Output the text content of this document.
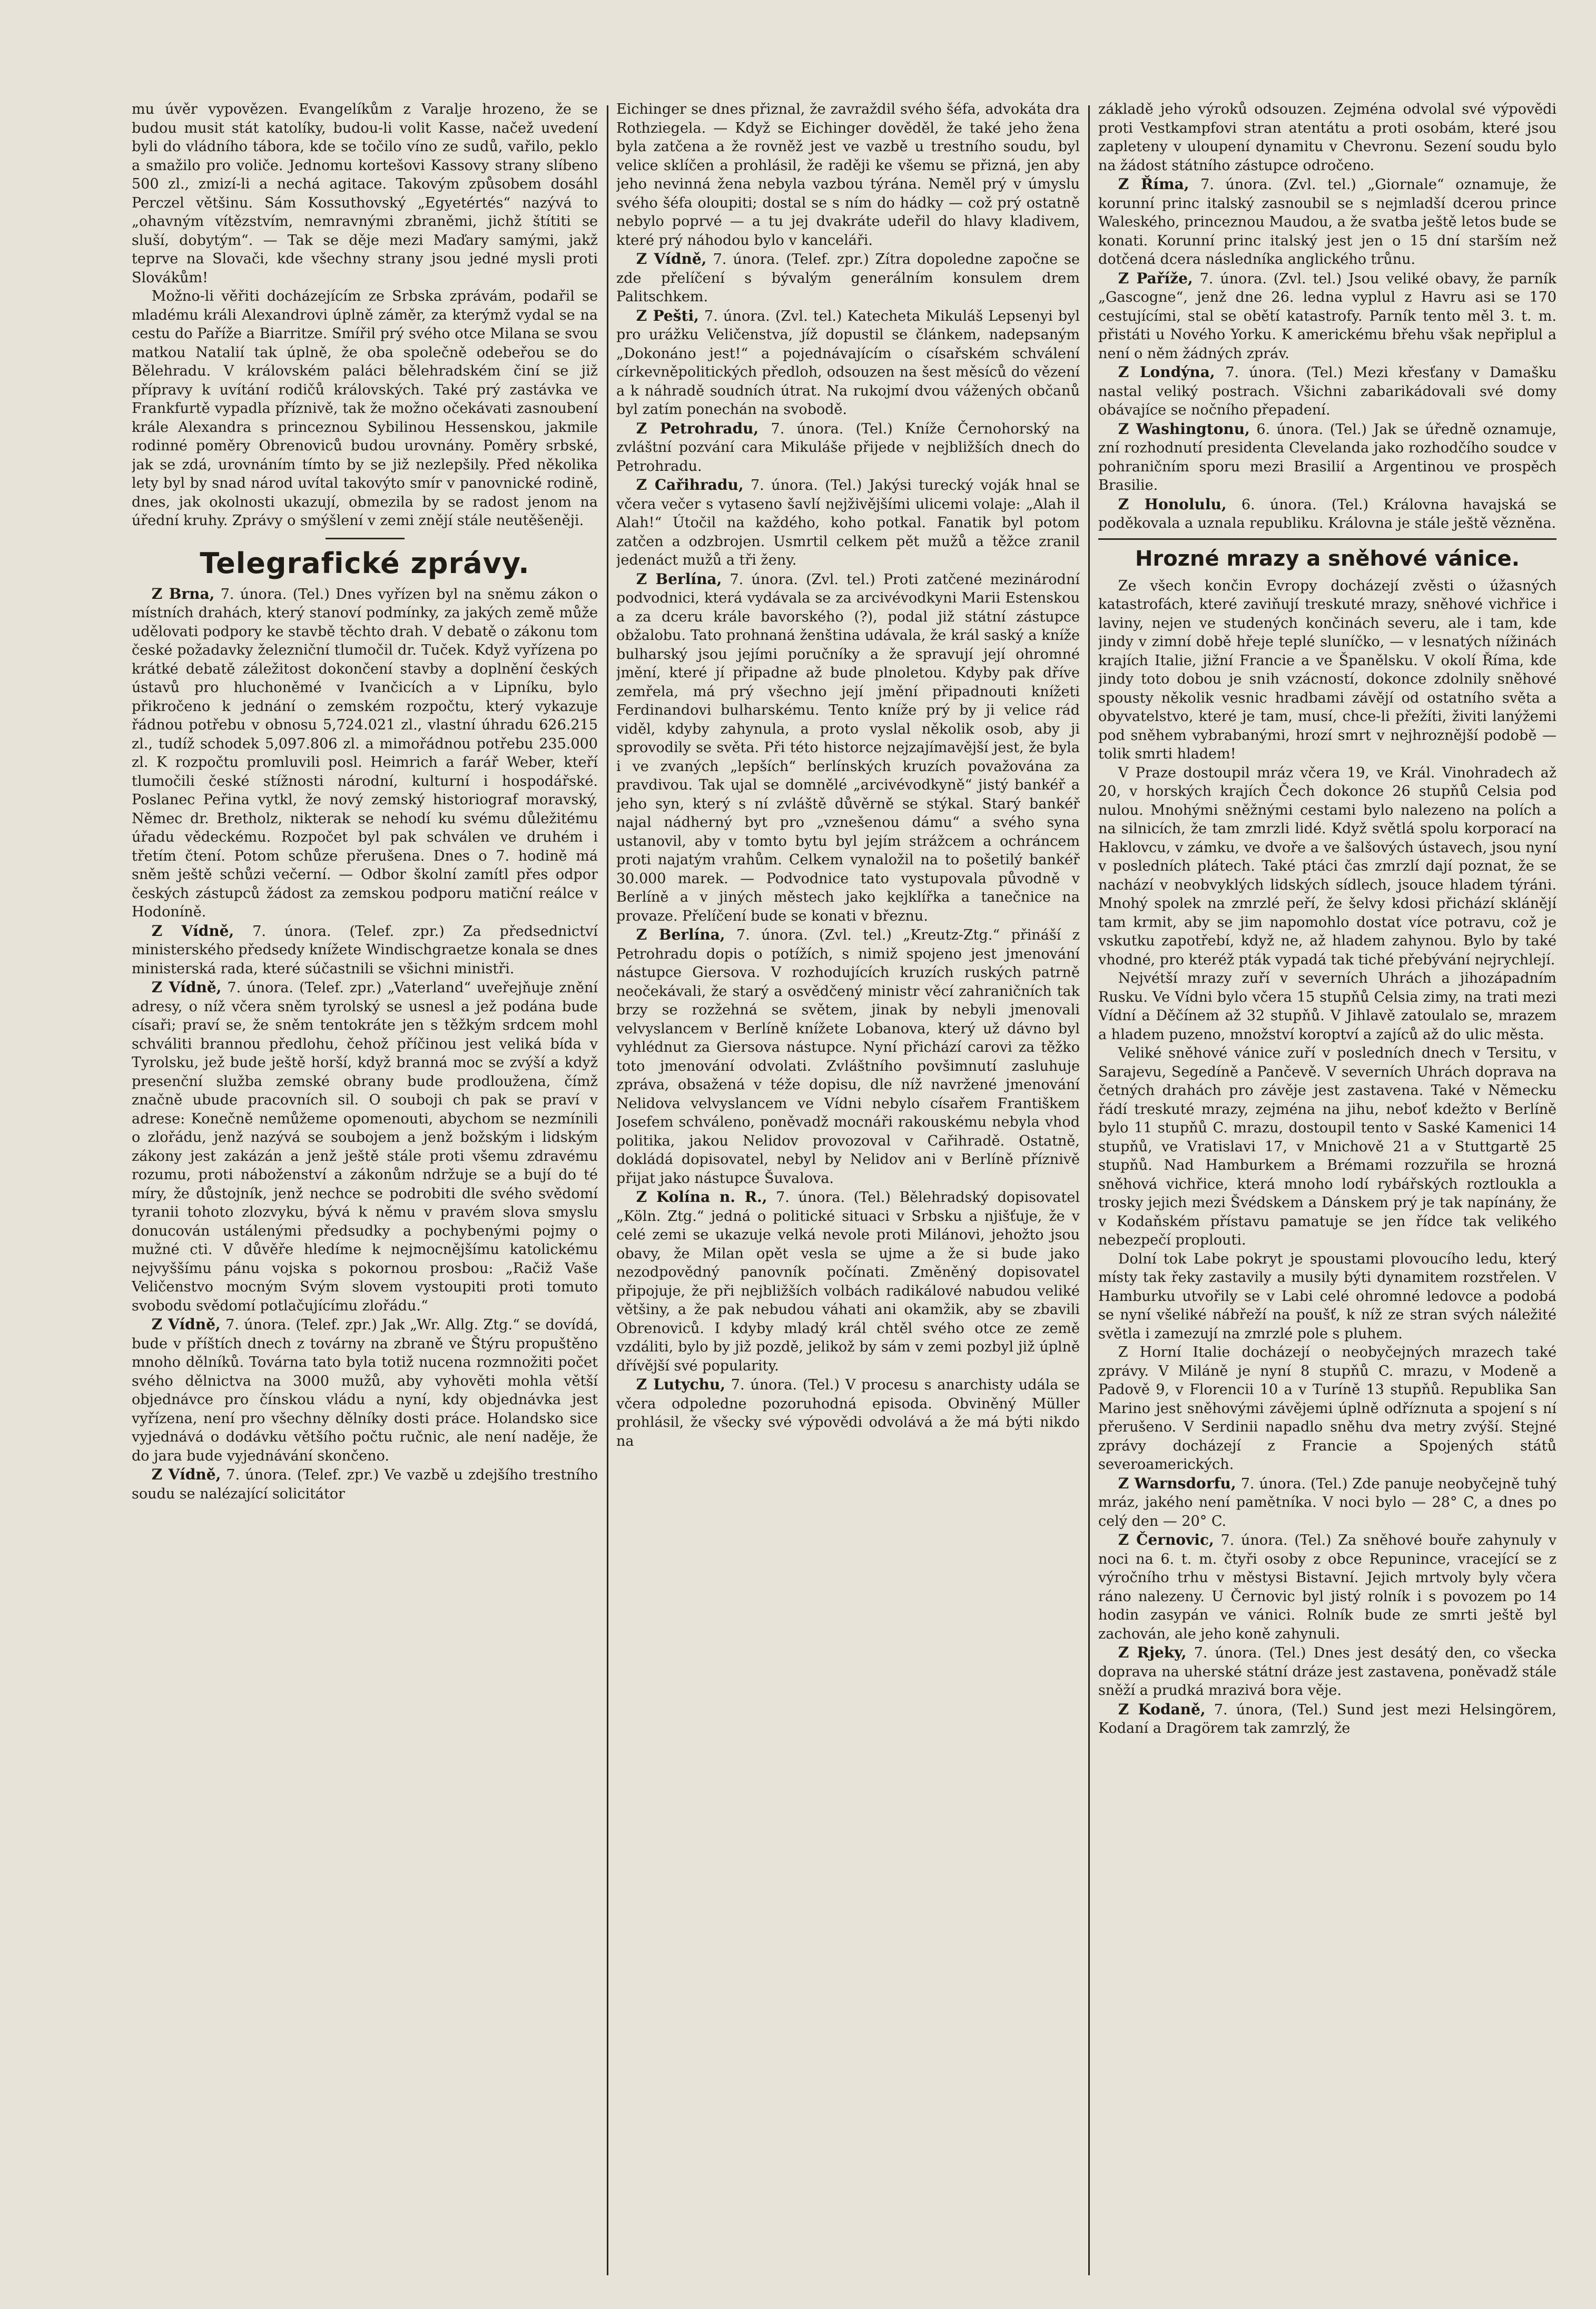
mu úvěr vypovězen. Evangelíkům z Varalje hrozeno, že se budou musit stát katolíky, budou-li volit Kasse, načež uvedení byli do vládního tábora, kde se točilo víno ze sudů, vařilo, peklo a smažilo pro voliče. Jednomu kortešovi Kassovy strany slíbeno 500 zl., zmizí-li a nechá agitace. Takovým způsobem dosáhl Perczel většinu. Sám Kossuthovský „Egyetértés“ nazývá to „ohavným vítězstvím, nemravnými zbraněmi, jichž štítiti se sluší, dobytým“. — Tak se děje mezi Maďary samými, jakž teprve na Slovači, kde všechny strany jsou jedné mysli proti Slovákům!

Možno-li věřiti docházejícím ze Srbska zprávám, podařil se mladému králi Alexandrovi úplně záměr, za kterýmž vydal se na cestu do Paříže a Biarritze. Smířil prý svého otce Milana se svou matkou Natalií tak úplně, že oba společně odebeřou se do Bělehradu. V královském paláci bělehradském činí se již přípravy k uvítání rodičů královských. Také prý zastávka ve Frankfurtě vypadla příznivě, tak že možno očekávati zasnoubení krále Alexandra s princeznou Sybilinou Hessenskou, jakmile rodinné poměry Obrenoviců budou urovnány. Poměry srbské, jak se zdá, urovnáním tímto by se již nezlepšily. Před několika lety byl by snad národ uvítal takovýto smír v panovnické rodině, dnes, jak okolnosti ukazují, obmezila by se radost jenom na úřední kruhy. Zprávy o smýšlení v zemi znějí stále neutěšeněji.

Telegrafické zprávy.

Z Brna, 7. února. (Tel.) Dnes vyřízen byl na sněmu zákon o místních drahách, který stanoví podmínky, za jakých země může udělovati podpory ke stavbě těchto drah. V debatě o zákonu tom české požadavky železniční tlumočil dr. Tuček. Když vyřízena po krátké debatě záležitost dokončení stavby a doplnění českých ústavů pro hluchoněmé v Ivančicích a v Lipníku, bylo přikročeno k jednání o zemském rozpočtu, který vykazuje řádnou potřebu v obnosu 5,724.021 zl., vlastní úhradu 626.215 zl., tudíž schodek 5,097.806 zl. a mimořádnou potřebu 235.000 zl. K rozpočtu promluvili posl. Heimrich a farář Weber, kteří tlumočili české stížnosti národní, kulturní i hospodářské. Poslanec Peřina vytkl, že nový zemský historiograf moravský, Němec dr. Bretholz, nikterak se nehodí ku svému důležitému úřadu vědeckému. Rozpočet byl pak schválen ve druhém i třetím čtení. Potom schůze přerušena. Dnes o 7. hodině má sněm ještě schůzi večerní. — Odbor školní zamítl přes odpor českých zástupců žádost za zemskou podporu matiční reálce v Hodoníně.

Z Vídně, 7. února. (Telef. zpr.) Za předsednictví ministerského předsedy knížete Windischgraetze konala se dnes ministerská rada, které súčastnili se všichni ministři.

Z Vídně, 7. února. (Telef. zpr.) „Vaterland“ uveřejňuje znění adresy, o níž včera sněm tyrolský se usnesl a jež podána bude císaři; praví se, že sněm tentokráte jen s těžkým srdcem mohl schváliti brannou předlohu, čehož příčinou jest veliká bída v Tyrolsku, jež bude ještě horší, když branná moc se zvýší a když presenční služba zemské obrany bude prodloužena, čímž značně ubude pracovních sil. O souboji ch pak se praví v adrese: Konečně nemůžeme opomenouti, abychom se nezmínili o zlořádu, jenž nazývá se soubojem a jenž božským i lidským zákony jest zakázán a jenž ještě stále proti všemu zdravému rozumu, proti náboženství a zákonům ndržuje se a bují do té míry, že důstojník, jenž nechce se podrobiti dle svého svědomí tyranii tohoto zlozvyku, bývá k němu v pravém slova smyslu donucován ustálenými předsudky a pochybenými pojmy o mužné cti. V důvěře hledíme k nejmocnějšímu katolickému nejvyššímu pánu vojska s pokornou prosbou: „Račiž Vaše Veličenstvo mocným Svým slovem vystoupiti proti tomuto svobodu svědomí potlačujícímu zlořádu.“

Z Vídně, 7. února. (Telef. zpr.) Jak „Wr. Allg. Ztg.“ se dovídá, bude v příštích dnech z továrny na zbraně ve Štýru propuštěno mnoho dělníků. Továrna tato byla totiž nucena rozmnožiti počet svého dělnictva na 3000 mužů, aby vyhověti mohla větší objednávce pro čínskou vládu a nyní, kdy objednávka jest vyřízena, není pro všechny dělníky dosti práce. Holandsko sice vyjednává o dodávku většího počtu ručnic, ale není naděje, že do jara bude vyjednávání skončeno.

Z Vídně, 7. února. (Telef. zpr.) Ve vazbě u zdejšího trestního soudu se nalézající solicitátor

Eichinger se dnes přiznal, že zavraždil svého šéfa, advokáta dra Rothziegela. — Když se Eichinger dověděl, že také jeho žena byla zatčena a že rovněž jest ve vazbě u trestního soudu, byl velice sklíčen a prohlásil, že raději ke všemu se přizná, jen aby jeho nevinná žena nebyla vazbou týrána. Neměl prý v úmyslu svého šéfa oloupiti; dostal se s ním do hádky — což prý ostatně nebylo poprvé — a tu jej dvakráte udeřil do hlavy kladivem, které prý náhodou bylo v kanceláři.

Z Vídně, 7. února. (Telef. zpr.) Zítra dopoledne započne se zde přelíčení s bývalým generálním konsulem drem Palitschkem.

Z Pešti, 7. února. (Zvl. tel.) Katecheta Mikuláš Lepsenyi byl pro urážku Veličenstva, jíž dopustil se článkem, nadepsaným „Dokonáno jest!“ a pojednávajícím o císařském schválení církevněpolitických předloh, odsouzen na šest měsíců do vězení a k náhradě soudních útrat. Na rukojmí dvou vážených občanů byl zatím ponechán na svobodě.

Z Petrohradu, 7. února. (Tel.) Kníže Černohorský na zvláštní pozvání cara Mikuláše přijede v nejbližších dnech do Petrohradu.

Z Cařihradu, 7. února. (Tel.) Jakýsi turecký voják hnal se včera večer s vytaseno šavlí nejživějšími ulicemi volaje: „Alah il Alah!“ Útočil na každého, koho potkal. Fanatik byl potom zatčen a odzbrojen. Usmrtil celkem pět mužů a těžce zranil jedenáct mužů a tři ženy.

Z Berlína, 7. února. (Zvl. tel.) Proti zatčené mezinárodní podvodnici, která vydávala se za arcivévodkyni Marii Estenskou a za dceru krále bavorského (?), podal již státní zástupce obžalobu. Tato prohnaná ženština udávala, že král saský a kníže bulharský jsou jejími poručníky a že spravují její ohromné jmění, které jí připadne až bude plnoletou. Kdyby pak dříve zemřela, má prý všechno její jmění připadnouti knížeti Ferdinandovi bulharskému. Tento kníže prý by ji velice rád viděl, kdyby zahynula, a proto vyslal několik osob, aby ji sprovodily se světa. Při této historce nejzajímavější jest, že byla i ve zvaných „lepších“ berlínských kruzích považována za pravdivou. Tak ujal se domnělé „arcivévodkyně“ jistý bankéř a jeho syn, který s ní zvláště důvěrně se stýkal. Starý bankéř najal nádherný byt pro „vznešenou dámu“ a svého syna ustanovil, aby v tomto bytu byl jejím strážcem a ochráncem proti najatým vrahům. Celkem vynaložil na to pošetilý bankéř 30.000 marek. — Podvodnice tato vystupovala původně v Berlíně a v jiných městech jako kejklířka a tanečnice na provaze. Přelíčení bude se konati v březnu.

Z Berlína, 7. února. (Zvl. tel.) „Kreutz-Ztg.“ přináší z Petrohradu dopis o potížích, s nimiž spojeno jest jmenování nástupce Giersova. V rozhodujících kruzích ruských patrně neočekávali, že starý a osvědčený ministr věcí zahraničních tak brzy se rozžehná se světem, jinak by nebyli jmenovali velvyslancem v Berlíně knížete Lobanova, který už dávno byl vyhlédnut za Giersova nástupce. Nyní přichází carovi za těžko toto jmenování odvolati. Zvláštního povšimnutí zasluhuje zpráva, obsažená v téže dopisu, dle níž navržené jmenování Nelidova velvyslancem ve Vídni nebylo císařem Františkem Josefem schváleno, poněvadž mocnáři rakouskému nebyla vhod politika, jakou Nelidov provozoval v Cařihradě. Ostatně, dokládá dopisovatel, nebyl by Nelidov ani v Berlíně příznivě přijat jako nástupce Šuvalova.

Z Kolína n. R., 7. února. (Tel.) Bělehradský dopisovatel „Köln. Ztg.“ jedná o politické situaci v Srbsku a njišťuje, že v celé zemi se ukazuje velká nevole proti Milánovi, jehožto jsou obavy, že Milan opět vesla se ujme a že si bude jako nezodpovědný panovník počínati. Změněný dopisovatel připojuje, že při nejbližších volbách radikálové nabudou veliké většiny, a že pak nebudou váhati ani okamžik, aby se zbavili Obrenoviců. I kdyby mladý král chtěl svého otce ze země vzdáliti, bylo by již pozdě, jelikož by sám v zemi pozbyl již úplně dřívější své popularity.

Z Lutychu, 7. února. (Tel.) V procesu s anarchisty udála se včera odpoledne pozoruhodná episoda. Obviněný Müller prohlásil, že všecky své výpovědi odvolává a že má býti nikdo na

základě jeho výroků odsouzen. Zejména odvolal své výpovědi proti Vestkampfovi stran atentátu a proti osobám, které jsou zapleteny v uloupení dynamitu v Chevronu. Sezení soudu bylo na žádost státního zástupce odročeno.

Z Říma, 7. února. (Zvl. tel.) „Giornale“ oznamuje, že korunní princ italský zasnoubil se s nejmladší dcerou prince Waleského, princeznou Maudou, a že svatba ještě letos bude se konati. Korunní princ italský jest jen o 15 dní starším než dotčená dcera následníka anglického trůnu.

Z Paříže, 7. února. (Zvl. tel.) Jsou veliké obavy, že parník „Gascogne“, jenž dne 26. ledna vyplul z Havru asi se 170 cestujícími, stal se obětí katastrofy. Parník tento měl 3. t. m. přistáti u Nového Yorku. K americkému břehu však nepřiplul a není o něm žádných zpráv.

Z Londýna, 7. února. (Tel.) Mezi křesťany v Damašku nastal veliký postrach. Všichni zabarikádovali své domy obávajíce se nočního přepadení.

Z Washingtonu, 6. února. (Tel.) Jak se úředně oznamuje, zní rozhodnutí presidenta Clevelanda jako rozhodčího soudce v pohraničním sporu mezi Brasilií a Argentinou ve prospěch Brasilie.

Z Honolulu, 6. února. (Tel.) Královna havajská se poděkovala a uznala republiku. Královna je stále ještě vězněna.

Hrozné mrazy a sněhové vánice.

Ze všech končin Evropy docházejí zvěsti o úžasných katastrofách, které zaviňují treskuté mrazy, sněhové vichřice i laviny, nejen ve studených končinách severu, ale i tam, kde jindy v zimní době hřeje teplé sluníčko, — v lesnatých nížinách krajích Italie, jižní Francie a ve Španělsku. V okolí Říma, kde jindy toto dobou je snih vzácností, dokonce zdolnily sněhové spousty několik vesnic hradbami závějí od ostatního světa a obyvatelstvo, které je tam, musí, chce-li přežíti, živiti lanýžemi pod sněhem vybrabanými, hrozí smrt v nejhroznější podobě — tolik smrti hladem!

V Praze dostoupil mráz včera 19, ve Král. Vinohradech až 20, v horských krajích Čech dokonce 26 stupňů Celsia pod nulou. Mnohými sněžnými cestami bylo nalezeno na polích a na silnicích, že tam zmrzli lidé. Když světlá spolu korporací na Haklovcu, v zámku, ve dvoře a ve šalšových ústavech, jsou nyní v posledních plátech. Také ptáci čas zmrzlí dají poznat, že se nachází v neobvyklých lidských sídlech, jsouce hladem týráni. Mnohý spolek na zmrzlé peří, že šelvy kdosi přichází sklánějí tam krmit, aby se jim napomohlo dostat více potravu, což je vskutku zapotřebí, když ne, až hladem zahynou. Bylo by také vhodné, pro kteréž pták vypadá tak tiché přebývání nejrychlejí.

Nejvétší mrazy zuří v severních Uhrách a jihozápadním Rusku. Ve Vídni bylo včera 15 stupňů Celsia zimy, na trati mezi Vídní a Děčínem až 32 stupňů. V Jihlavě zatoulalo se, mrazem a hladem puzeno, množství koroptví a zajíců až do ulic města.

Veliké sněhové vánice zuří v posledních dnech v Tersitu, v Sarajevu, Segedíně a Pančevě. V severních Uhrách doprava na četných drahách pro závěje jest zastavena. Také v Německu řádí treskuté mrazy, zejména na jihu, neboť kdežto v Berlíně bylo 11 stupňů C. mrazu, dostoupil tento v Saské Kamenici 14 stupňů, ve Vratislavi 17, v Mnichově 21 a v Stuttgartě 25 stupňů. Nad Hamburkem a Brémami rozzuřila se hrozná sněhová vichřice, která mnoho lodí rybářských roztloukla a trosky jejich mezi Švédskem a Dánskem prý je tak napínány, že v Kodaňském přístavu pamatuje se jen řídce tak velikého nebezpečí proplouti.

Dolní tok Labe pokryt je spoustami plovoucího ledu, který místy tak řeky zastavily a musily býti dynamitem rozstřelen. V Hamburku utvořily se v Labi celé ohromné ledovce a podobá se nyní všeliké nábřeží na poušť, k níž ze stran svých náležité světla i zamezují na zmrzlé pole s pluhem.

Z Horní Italie docházejí o neobyčejných mrazech také zprávy. V Miláně je nyní 8 stupňů C. mrazu, v Modeně a Padově 9, v Florencii 10 a v Turíně 13 stupňů. Republika San Marino jest sněhovými závějemi úplně odříznuta a spojení s ní přerušeno. V Serdinii napadlo sněhu dva metry zvýší. Stejné zprávy docházejí z Francie a Spojených států severoamerických.

Z Warnsdorfu, 7. února. (Tel.) Zde panuje neobyčejně tuhý mráz, jakého není pamětníka. V noci bylo — 28° C, a dnes po celý den — 20° C.

Z Černovic, 7. února. (Tel.) Za sněhové bouře zahynuly v noci na 6. t. m. čtyři osoby z obce Repunince, vracející se z výročního trhu v městysi Bistavní. Jejich mrtvoly byly včera ráno nalezeny. U Černovic byl jistý rolník i s povozem po 14 hodin zasypán ve vánici. Rolník bude ze smrti ještě byl zachován, ale jeho koně zahynuli.

Z Rjeky, 7. února. (Tel.) Dnes jest desátý den, co všecka doprava na uherské státní dráze jest zastavena, poněvadž stále sněží a prudká mrazivá bora věje.

Z Kodaně, 7. února, (Tel.) Sund jest mezi Helsingörem, Kodaní a Dragörem tak zamrzlý, že
